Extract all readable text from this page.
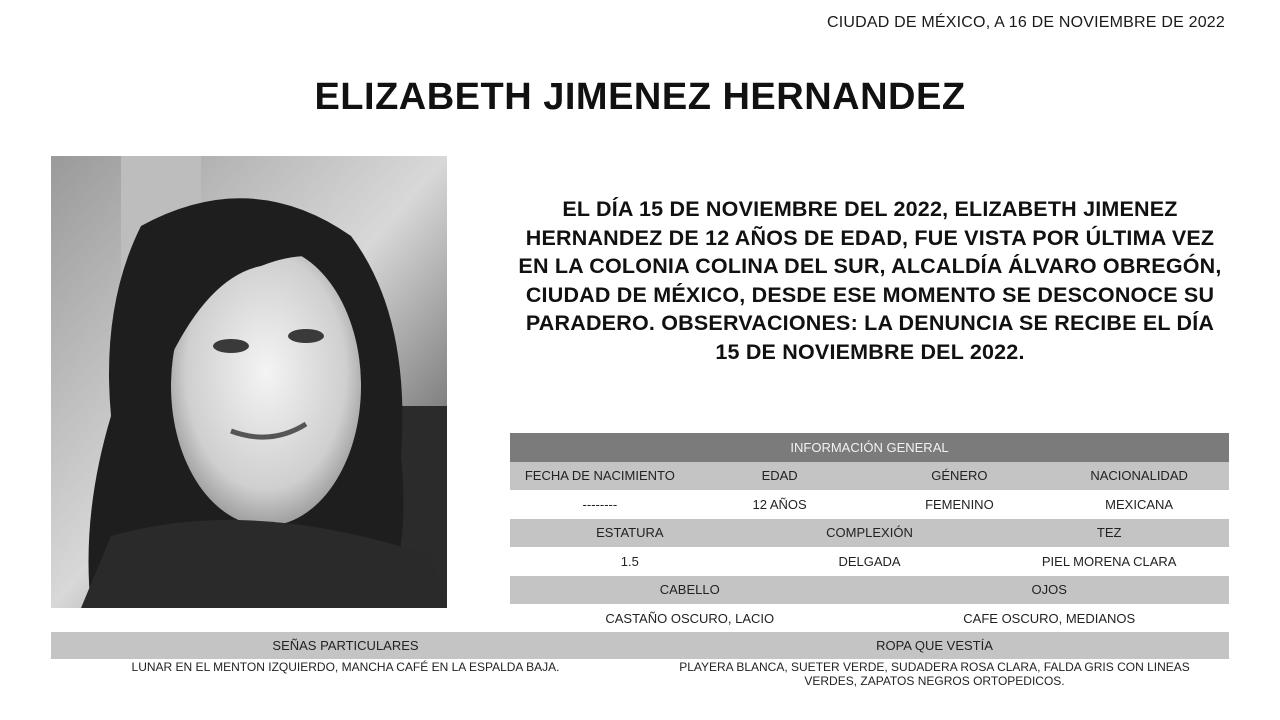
CIUDAD DE MÉXICO, A 16 DE NOVIEMBRE DE 2022
ELIZABETH JIMENEZ HERNANDEZ
EL DÍA 15 DE NOVIEMBRE DEL 2022, ELIZABETH JIMENEZ HERNANDEZ DE 12 AÑOS DE EDAD, FUE VISTA POR ÚLTIMA VEZ EN LA COLONIA COLINA DEL SUR, ALCALDÍA ÁLVARO OBREGÓN, CIUDAD DE MÉXICO, DESDE ESE MOMENTO SE DESCONOCE SU PARADERO. OBSERVACIONES: LA DENUNCIA SE RECIBE EL DÍA 15 DE NOVIEMBRE DEL 2022.
INFORMACIÓN GENERAL
FECHA DE NACIMIENTO	EDAD	GÉNERO	NACIONALIDAD
--------	12 AÑOS	FEMENINO	MEXICANA
ESTATURA	COMPLEXIÓN	TEZ
1.5	DELGADA	PIEL MORENA CLARA
CABELLO	OJOS
CASTAÑO OSCURO, LACIO	CAFE OSCURO, MEDIANOS
SEÑAS PARTICULARES	ROPA QUE VESTÍA
LUNAR EN EL MENTON IZQUIERDO, MANCHA CAFÉ EN LA ESPALDA BAJA.	PLAYERA BLANCA, SUETER VERDE, SUDADERA ROSA CLARA, FALDA GRIS CON LINEAS VERDES, ZAPATOS NEGROS ORTOPEDICOS.
